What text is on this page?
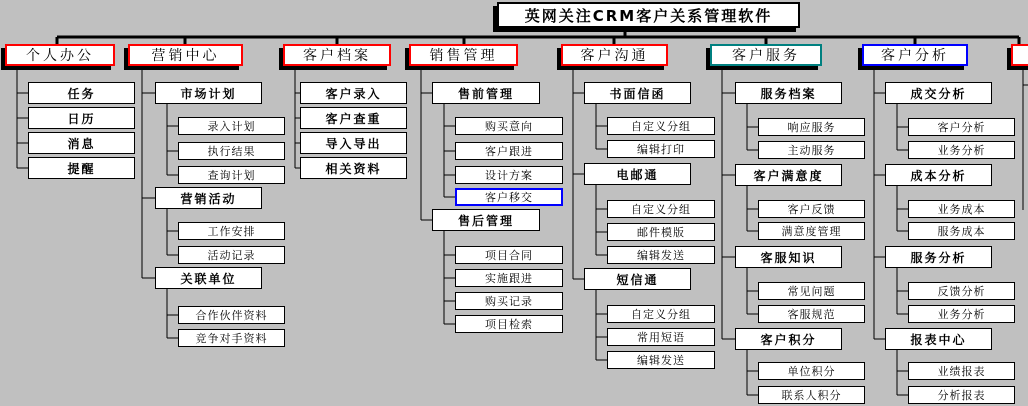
英网关注CRM客户关系管理软件
个人办公
任务
日历
消息
提醒
营销中心
市场计划
录入计划
执行结果
查询计划
营销活动
工作安排
活动记录
关联单位
合作伙伴资料
竞争对手资料
客户档案
客户录入
客户查重
导入导出
相关资料
销售管理
售前管理
购买意向
客户跟进
设计方案
客户移交
售后管理
项目合同
实施跟进
购买记录
项目检索
客户沟通
书面信函
自定义分组
编辑打印
电邮通
自定义分组
邮件模版
编辑发送
短信通
自定义分组
常用短语
编辑发送
客户服务
服务档案
响应服务
主动服务
客户满意度
客户反馈
满意度管理
客服知识
常见问题
客服规范
客户积分
单位积分
联系人积分
客户分析
成交分析
客户分析
业务分析
成本分析
业务成本
服务成本
服务分析
反馈分析
业务分析
报表中心
业绩报表
分析报表
